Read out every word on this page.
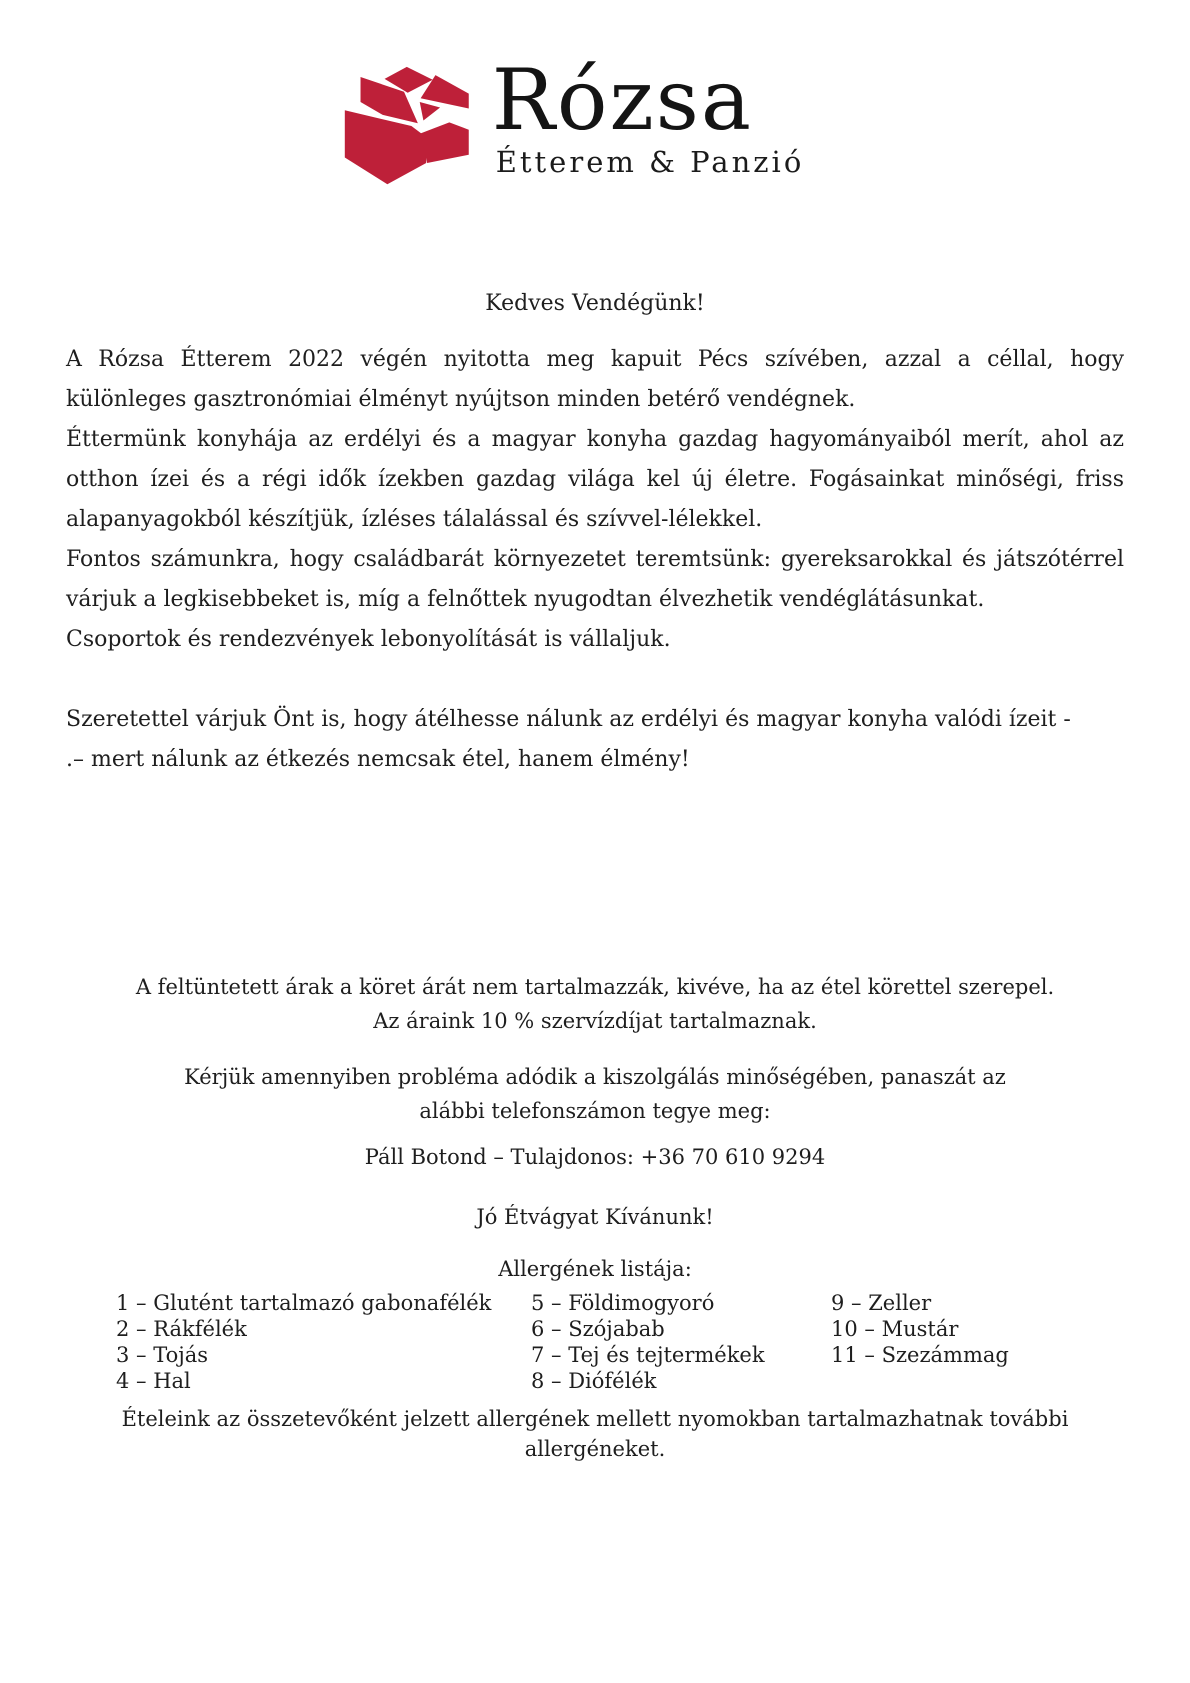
Rózsa
Étterem & Panzió
Kedves Vendégünk!

A Rózsa Étterem 2022 végén nyitotta meg kapuit Pécs szívében, azzal a céllal, hogy különleges gasztronómiai élményt nyújtson minden betérő vendégnek.

Éttermünk konyhája az erdélyi és a magyar konyha gazdag hagyományaiból merít, ahol az otthon ízei és a régi idők ízekben gazdag világa kel új életre. Fogásainkat minőségi, friss alapanyagokból készítjük, ízléses tálalással és szívvel-lélekkel.

Fontos számunkra, hogy családbarát környezetet teremtsünk: gyereksarokkal és játszótérrel várjuk a legkisebbeket is, míg a felnőttek nyugodtan élvezhetik vendéglátásunkat.

Csoportok és rendezvények lebonyolítását is vállaljuk.

Szeretettel várjuk Önt is, hogy átélhesse nálunk az erdélyi és magyar konyha valódi ízeit -

.– mert nálunk az étkezés nemcsak étel, hanem élmény!

A feltüntetett árak a köret árát nem tartalmazzák, kivéve, ha az étel körettel szerepel.
Az áraink 10 % szervízdíjat tartalmaznak.
Kérjük amennyiben probléma adódik a kiszolgálás minőségében, panaszát az alábbi telefonszámon tegye meg:
Páll Botond – Tulajdonos: +36 70 610 9294
Jó Étvágyat Kívánunk!
Allergének listája:
1 – Glutént tartalmazó gabonafélék
2 – Rákfélék
3 – Tojás
4 – Hal
5 – Földimogyoró
6 – Szójabab
7 – Tej és tejtermékek
8 – Diófélék
9 – Zeller
10 – Mustár
11 – Szezámmag
Ételeink az összetevőként jelzett allergének mellett nyomokban tartalmazhatnak további allergéneket.
